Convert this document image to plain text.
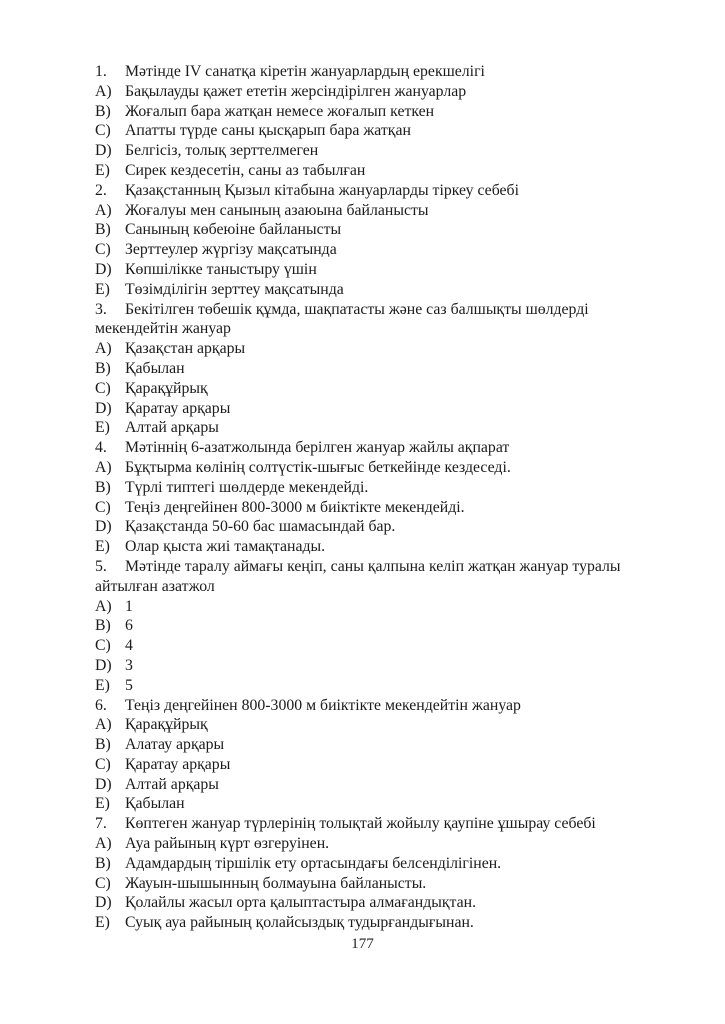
1. Мәтінде IV санатқа кіретін жануарлардың ерекшелігі

A) Бақылауды қажет ететін жерсіндірілген жануарлар

B) Жоғалып бара жатқан немесе жоғалып кеткен

C) Апатты түрде саны қысқарып бара жатқан

D) Белгісіз, толық зерттелмеген

E) Сирек кездесетін, саны аз табылған

2. Қазақстанның Қызыл кітабына жануарларды тіркеу себебі

A) Жоғалуы мен санының азаюына байланысты

B) Санының көбеюіне байланысты

C) Зерттеулер жүргізу мақсатында

D) Көпшілікке таныстыру үшін

E) Төзімділігін зерттеу мақсатында

3. Бекітілген төбешік құмда, шақпатасты және саз балшықты шөлдерді мекендейтін жануар

A) Қазақстан арқары

B) Қабылан

C) Қарақұйрық

D) Қаратау арқары

E) Алтай арқары

4. Мәтіннің 6-азатжолында берілген жануар жайлы ақпарат

A) Бұқтырма көлінің солтүстік-шығыс беткейінде кездеседі.

B) Түрлі типтегі шөлдерде мекендейді.

C) Теңіз деңгейінен 800-3000 м биіктікте мекендейді.

D) Қазақстанда 50-60 бас шамасындай бар.

E) Олар қыста жиі тамақтанады.

5. Мәтінде таралу аймағы кеңіп, саны қалпына келіп жатқан жануар туралы айтылған азатжол

A) 1

B) 6

C) 4

D) 3

E) 5

6. Теңіз деңгейінен 800-3000 м биіктікте мекендейтін жануар

A) Қарақұйрық

B) Алатау арқары

C) Қаратау арқары

D) Алтай арқары

E) Қабылан

7. Көптеген жануар түрлерінің толықтай жойылу қаупіне ұшырау себебі

A) Ауа райының күрт өзгеруінен.

B) Адамдардың тіршілік ету ортасындағы белсенділігінен.

C) Жауын-шышынның болмауына байланысты.

D) Қолайлы жасыл орта қалыптастыра алмағандықтан.

E) Суық ауа райының қолайсыздық тудырғандығынан.

177
